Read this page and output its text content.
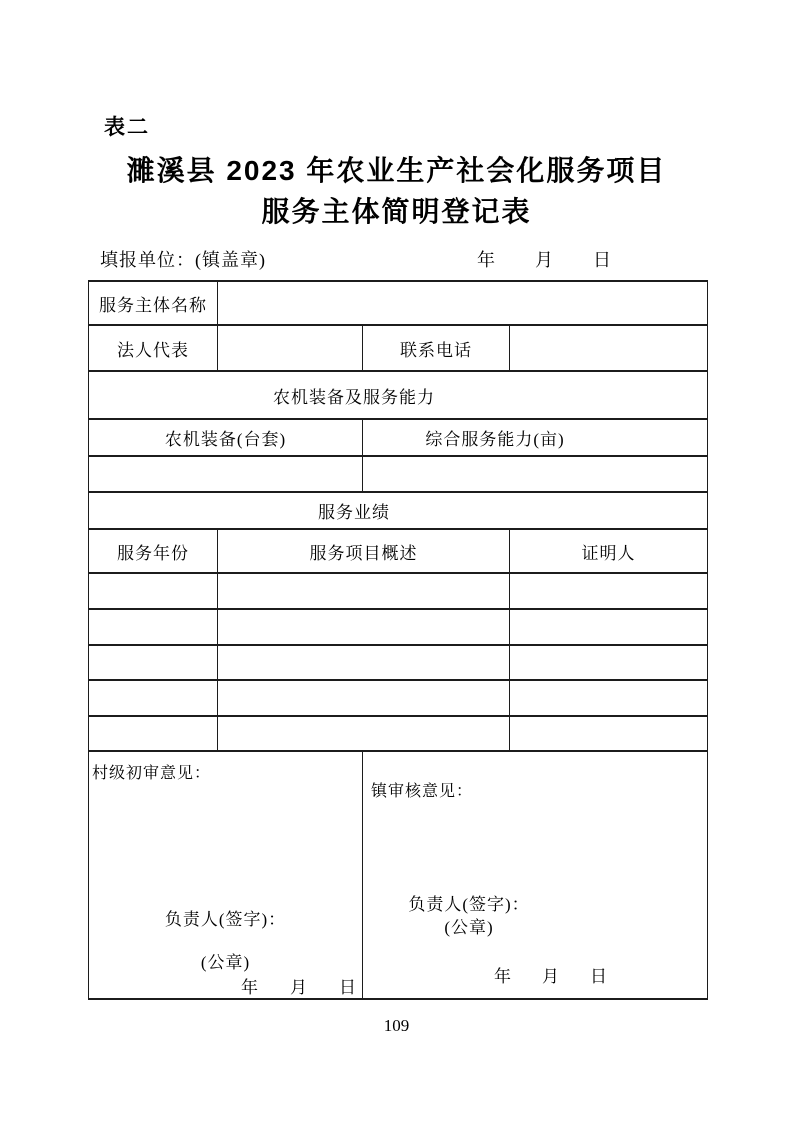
表二
濉溪县 2023 年农业生产社会化服务项目
服务主体简明登记表
填报单位：(镇盖章)	年 月 日
服务主体名称			
法人代表		联系电话	
农机装备及服务能力			
农机装备(台套)		综合服务能力(亩)	

服务业绩			
服务年份	服务项目概述		证明人

村级初审意见：
负责人(签字)：
(公章)
年 月 日

镇审核意见：
负责人(签字)：
(公章)
年 月 日
109
